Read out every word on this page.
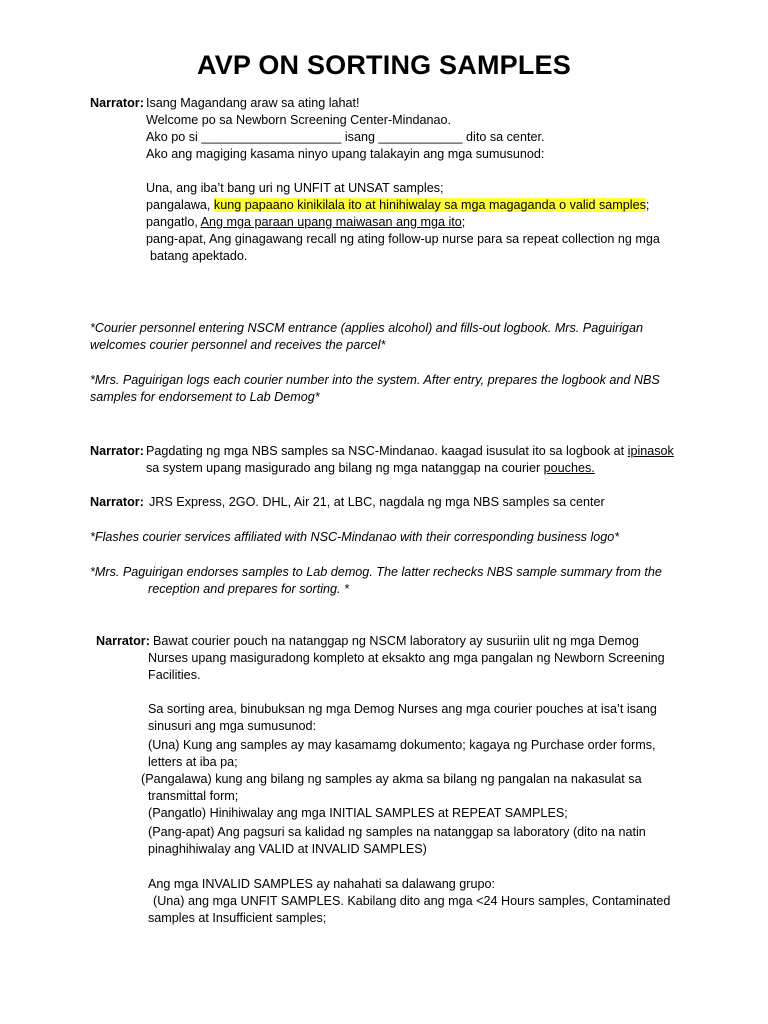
AVP ON SORTING SAMPLES
Narrator: Isang Magandang araw sa ating lahat!
Welcome po sa Newborn Screening Center-Mindanao.
Ako po si ____________________ isang ____________ dito sa center.
Ako ang magiging kasama ninyo upang talakayin ang mga sumusunod:
Una, ang iba’t bang uri ng UNFIT at UNSAT samples;
pangalawa, kung papaano kinikilala ito at hinihiwalay sa mga magaganda o valid samples;
pangatlo, Ang mga paraan upang maiwasan ang mga ito;
pang-apat, Ang ginagawang recall ng ating follow-up nurse para sa repeat collection ng mga
batang apektado.
*Courier personnel entering NSCM entrance (applies alcohol) and fills-out logbook. Mrs. Paguirigan
welcomes courier personnel and receives the parcel*
*Mrs. Paguirigan logs each courier number into the system. After entry, prepares the logbook and NBS
samples for endorsement to Lab Demog*
Narrator: Pagdating ng mga NBS samples sa NSC-Mindanao. kaagad isusulat ito sa logbook at ipinasok
sa system upang masigurado ang bilang ng mga natanggap na courier pouches.
Narrator: JRS Express, 2GO. DHL, Air 21, at LBC, nagdala ng mga NBS samples sa center
*Flashes courier services affiliated with NSC-Mindanao with their corresponding business logo*
*Mrs. Paguirigan endorses samples to Lab demog. The latter rechecks NBS sample summary from the
reception and prepares for sorting. *
Narrator: Bawat courier pouch na natanggap ng NSCM laboratory ay susuriin ulit ng mga Demog
Nurses upang masiguradong kompleto at eksakto ang mga pangalan ng Newborn Screening
Facilities.
Sa sorting area, binubuksan ng mga Demog Nurses ang mga courier pouches at isa’t isang
sinusuri ang mga sumusunod:
(Una) Kung ang samples ay may kasamamg dokumento; kagaya ng Purchase order forms,
letters at iba pa;
(Pangalawa) kung ang bilang ng samples ay akma sa bilang ng pangalan na nakasulat sa
transmittal form;
(Pangatlo) Hinihiwalay ang mga INITIAL SAMPLES at REPEAT SAMPLES;
(Pang-apat) Ang pagsuri sa kalidad ng samples na natanggap sa laboratory (dito na natin
pinaghihiwalay ang VALID at INVALID SAMPLES)
Ang mga INVALID SAMPLES ay nahahati sa dalawang grupo:
(Una) ang mga UNFIT SAMPLES. Kabilang dito ang mga <24 Hours samples, Contaminated
samples at Insufficient samples;
